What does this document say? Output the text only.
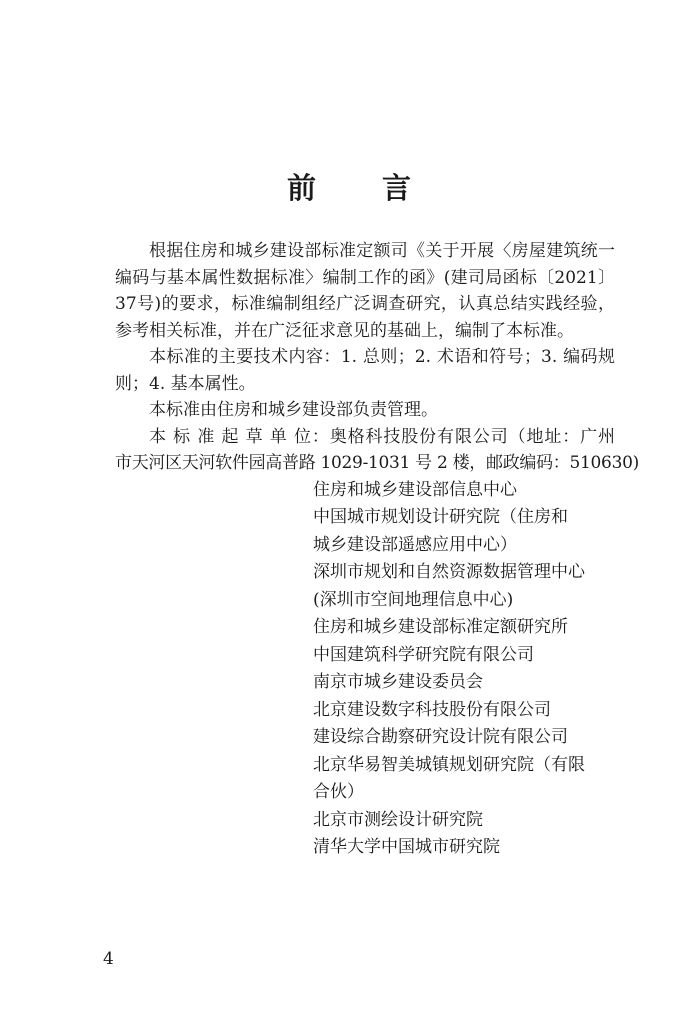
前 言

根据住房和城乡建设部标准定额司《关于开展〈房屋建筑统一编码与基本属性数据标准〉编制工作的函》(建司局函标〔2021〕37号)的要求，标准编制组经广泛调查研究，认真总结实践经验，参考相关标准，并在广泛征求意见的基础上，编制了本标准。

本标准的主要技术内容：1. 总则；2. 术语和符号；3. 编码规则；4. 基本属性。

本标准由住房和城乡建设部负责管理。

本 标 准 起 草 单 位：奥格科技股份有限公司（地址：广州

市天河区天河软件园高普路 1029-1031 号 2 楼，邮政编码：510630)

住房和城乡建设部信息中心
中国城市规划设计研究院（住房和
城乡建设部遥感应用中心）
深圳市规划和自然资源数据管理中心
(深圳市空间地理信息中心)
住房和城乡建设部标准定额研究所
中国建筑科学研究院有限公司
南京市城乡建设委员会
北京建设数字科技股份有限公司
建设综合勘察研究设计院有限公司
北京华易智美城镇规划研究院（有限
合伙）
北京市测绘设计研究院
清华大学中国城市研究院
4
